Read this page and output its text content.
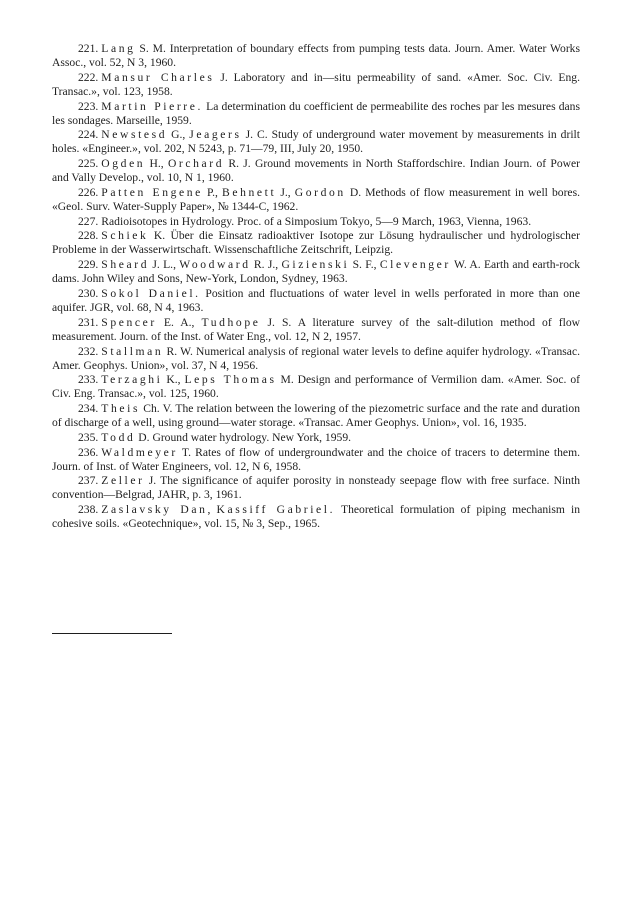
221. Lang S. M. Interpretation of boundary effects from pumping tests data. Journ. Amer. Water Works Assoc., vol. 52, N 3, 1960.
222. Mansur Charles J. Laboratory and in—situ permeability of sand. «Amer. Soc. Civ. Eng. Transac.», vol. 123, 1958.
223. Martin Pierre. La determination du coefficient de permeabilite des roches par les mesures dans les sondages. Marseille, 1959.
224. Newstesd G., Jeagers J. C. Study of underground water movement by measurements in drilt holes. «Engineer.», vol. 202, N 5243, p. 71—79, III, July 20, 1950.
225. Ogden H., Orchard R. J. Ground movements in North Staffordschire. Indian Journ. of Power and Vally Develop., vol. 10, N 1, 1960.
226. Patten Engene P., Behnett J., Gordon D. Methods of flow measurement in well bores. «Geol. Surv. Water-Supply Paper», № 1344-C, 1962.
227. Radioisotopes in Hydrology. Proc. of a Simposium Tokyo, 5—9 March, 1963, Vienna, 1963.
228. Schiek K. Über die Einsatz radioaktiver Isotope zur Lösung hydraulischer und hydrologischer Probleme in der Wasserwirtschaft. Wissenschaftliche Zeitschrift, Leipzig.
229. Sheard J. L., Woodward R. J., Gizienski S. F., Clevenger W. A. Earth and earth-rock dams. John Wiley and Sons, New-York, London, Sydney, 1963.
230. Sokol Daniel. Position and fluctuations of water level in wells perforated in more than one aquifer. JGR, vol. 68, N 4, 1963.
231. Spencer E. A., Tudhope J. S. A literature survey of the salt-dilution method of flow measurement. Journ. of the Inst. of Water Eng., vol. 12, N 2, 1957.
232. Stallman R. W. Numerical analysis of regional water levels to define aquifer hydrology. «Transac. Amer. Geophys. Union», vol. 37, N 4, 1956.
233. Terzaghi K., Leps Thomas M. Design and performance of Vermilion dam. «Amer. Soc. of Civ. Eng. Transac.», vol. 125, 1960.
234. Theis Ch. V. The relation between the lowering of the piezometric surface and the rate and duration of discharge of a well, using ground—water storage. «Transac. Amer Geophys. Union», vol. 16, 1935.
235. Todd D. Ground water hydrology. New York, 1959.
236. Waldmeyer T. Rates of flow of undergroundwater and the choice of tracers to determine them. Journ. of Inst. of Water Engineers, vol. 12, N 6, 1958.
237. Zeller J. The significance of aquifer porosity in nonsteady seepage flow with free surface. Ninth convention—Belgrad, JAHR, p. 3, 1961.
238. Zaslavsky Dan, Kassiff Gabriel. Theoretical formulation of piping mechanism in cohesive soils. «Geotechnique», vol. 15, № 3, Sep., 1965.
